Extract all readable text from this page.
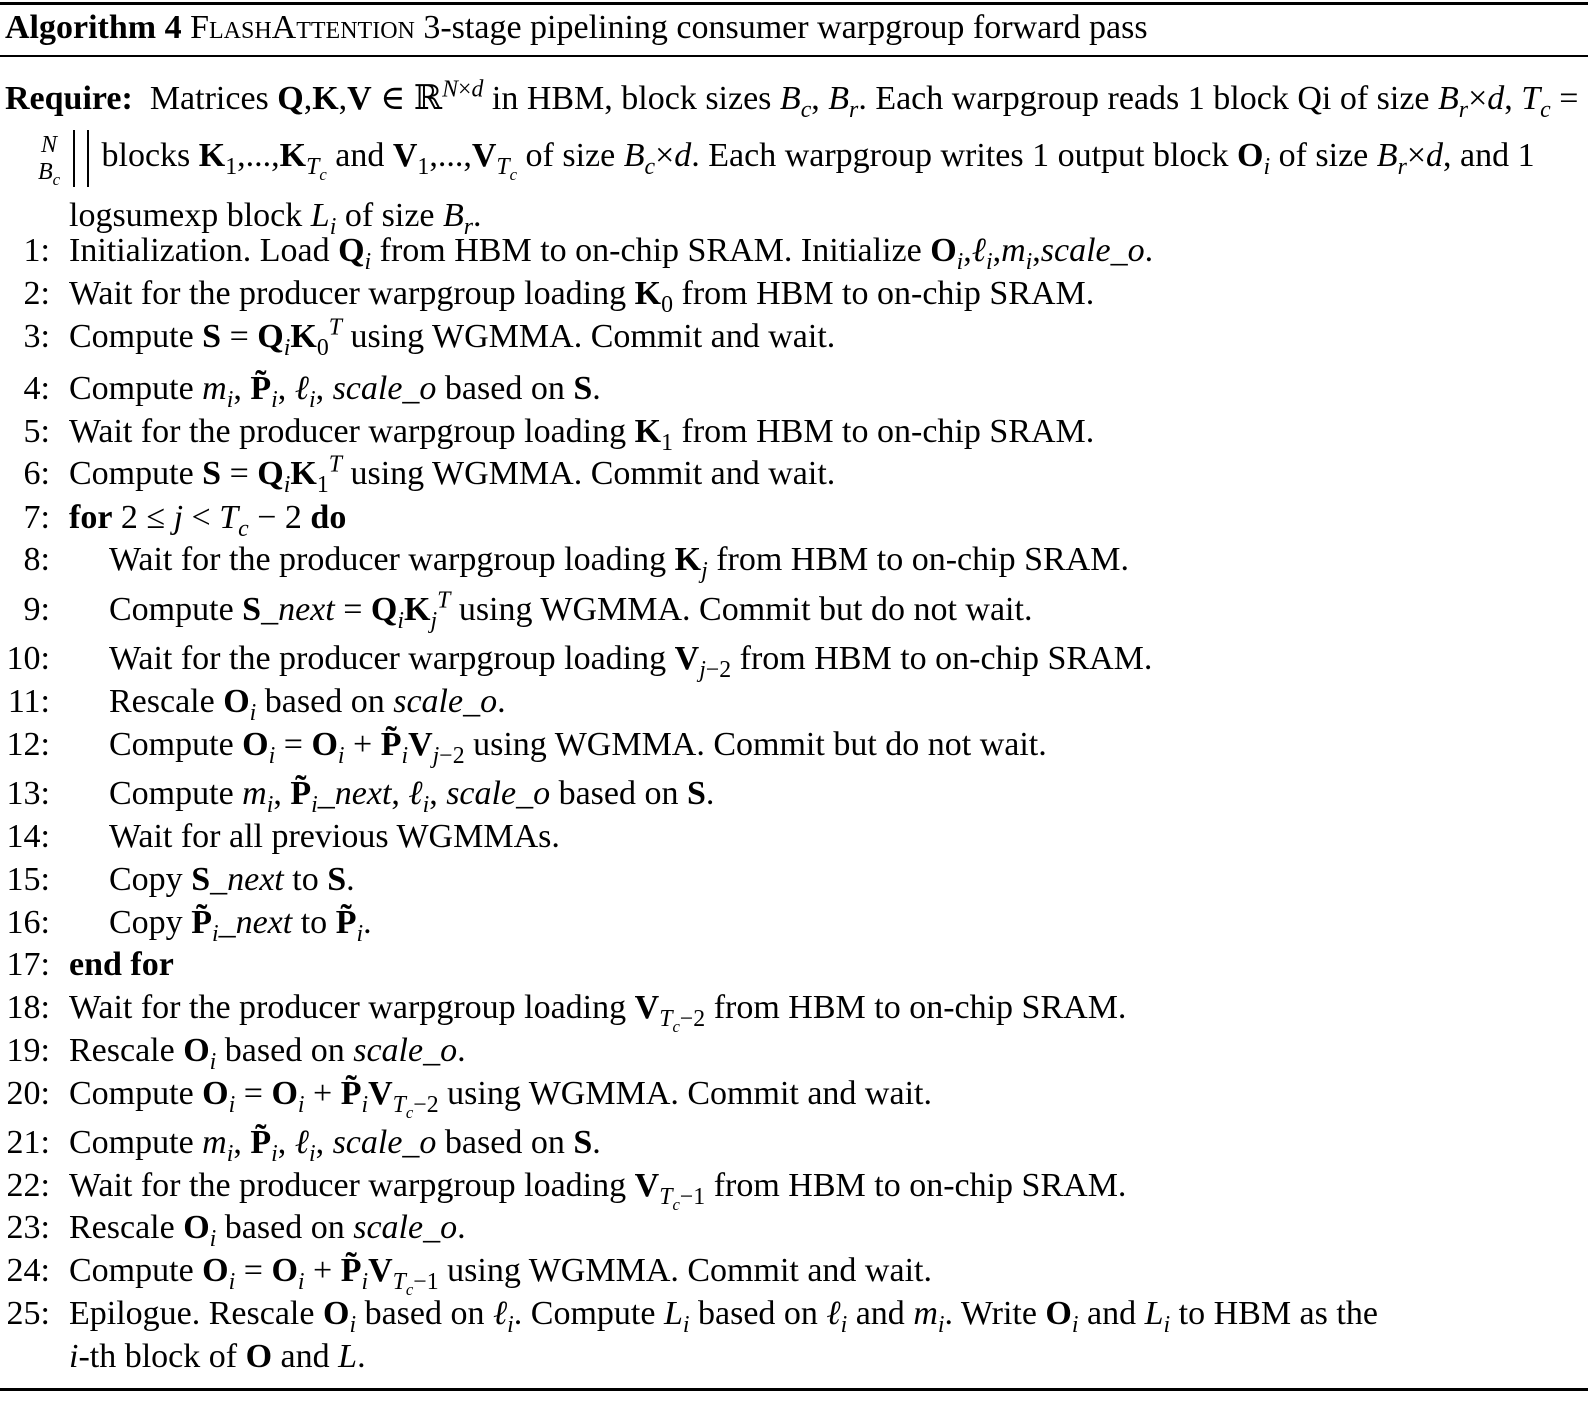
Algorithm 4 FlashAttention 3-stage pipelining consumer warpgroup forward pass

Require:  Matrices Q,K,V ∈ ℝ$^{N\times d}$ in HBM, block sizes $B_c$, $B_r$. Each warpgroup reads 1 block Qi of size $B_r\times d$, $T_c$ =
$\frac{N}{B_c}$ blocks $K_1,...,K_{T_c}$ and $V_1,...,V_{T_c}$ of size $B_c\times d$. Each warpgroup writes 1 output block $O_i$ of size $B_r\times d$, and 1 logsumexp block $L_i$ of size $B_r$.

1: Initialization. Load $Q_i$ from HBM to on-chip SRAM. Initialize $O_i,\ell_i,m_i,scale\_o$.
2: Wait for the producer warpgroup loading $K_0$ from HBM to on-chip SRAM.
3: Compute $S = Q_iK_0^T$ using WGMMA. Commit and wait.
4: Compute $m_i$, $P̃_i$, ℓ$_i$, scale_o based on S.
5: Wait for the producer warpgroup loading $K_1$ from HBM to on-chip SRAM.
6: Compute $S = Q_iK_1^T$ using WGMMA. Commit and wait.
7: for $2 \le j < T_c - 2$ do
8: Wait for the producer warpgroup loading $K_j$ from HBM to on-chip SRAM.
9: Compute S_next = $Q_iK_j^T$ using WGMMA. Commit but do not wait.
10: Wait for the producer warpgroup loading $V_{j-2}$ from HBM to on-chip SRAM.
11: Rescale $O_i$ based on scale_o.
12: Compute $O_i = O_i$ + $P̃_iV_{j-2}$ using WGMMA. Commit but do not wait.
13: Compute $m_i$, $P̃_i\_next$, ℓ$_i$, scale_o based on S.
14: Wait for all previous WGMMAs.
15: Copy S_next to S.
16: Copy $P̃_i\_next$ to $P̃_i$.
17: end for
18: Wait for the producer warpgroup loading $V_{T_c-2}$ from HBM to on-chip SRAM.
19: Rescale $O_i$ based on scale_o.
20: Compute $O_i = O_i$ + $P̃_iV_{T_c-2}$ using WGMMA. Commit and wait.
21: Compute $m_i$, $P̃_i$, ℓ$_i$, scale_o based on S.
22: Wait for the producer warpgroup loading $V_{T_c-1}$ from HBM to on-chip SRAM.
23: Rescale $O_i$ based on scale_o.
24: Compute $O_i = O_i$ + $P̃_iV_{T_c-1}$ using WGMMA. Commit and wait.
25: Epilogue. Rescale $O_i$ based on ℓ$_i$. Compute $L_i$ based on ℓ$_i$ and $m_i$. Write $O_i$ and $L_i$ to HBM as the
i-th block of O and L.
